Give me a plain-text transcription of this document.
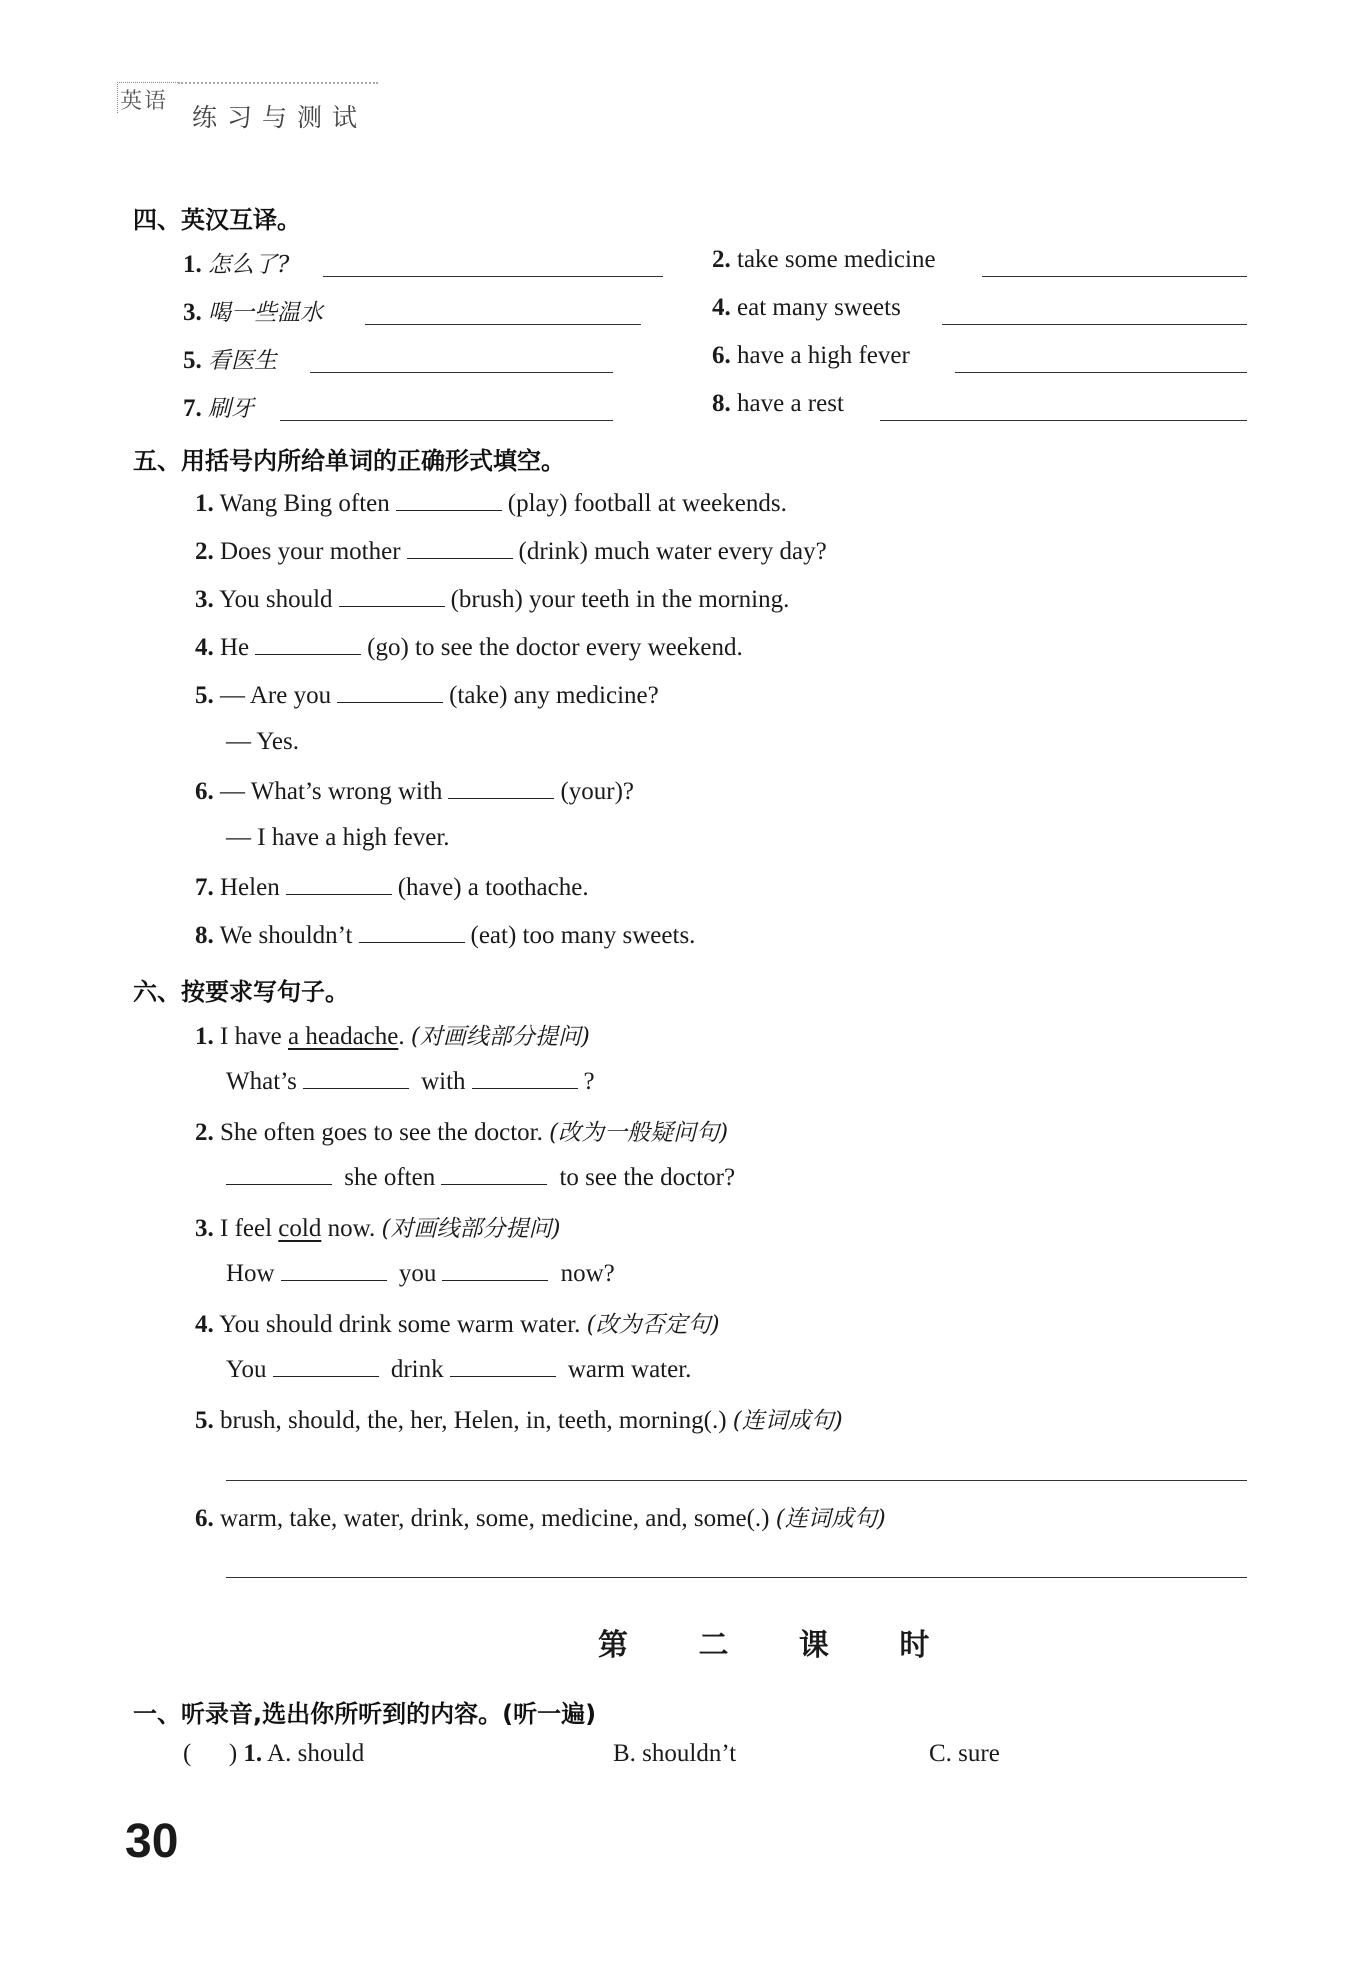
英语
练习与测试
四、英汉互译。
1. 怎么了?	2. take some medicine
3. 喝一些温水	4. eat many sweets
5. 看医生	6. have a high fever
7. 刷牙	8. have a rest
五、用括号内所给单词的正确形式填空。
1. Wang Bing often	(play) football at weekends.
2. Does your mother	(drink) much water every day?
3. You should	(brush) your teeth in the morning.
4. He	(go) to see the doctor every weekend.
5. — Are you	(take) any medicine?
— Yes.
6. — What’s wrong with	(your)?
— I have a high fever.
7. Helen	(have) a toothache.
8. We shouldn’t	(eat) too many sweets.
六、按要求写句子。
1. I have a headache. (对画线部分提问)
What’s	with	?
2. She often goes to see the doctor. (改为一般疑问句)
she often	to see the doctor?
3. I feel cold now. (对画线部分提问)
How	you	now?
4. You should drink some warm water. (改为否定句)
You	drink	warm water.
5. brush, should, the, her, Helen, in, teeth, morning(.) (连词成句)
6. warm, take, water, drink, some, medicine, and, some(.) (连词成句)
第 二 课 时
一、听录音,选出你所听到的内容。(听一遍)
(      ) 1. A. should	B. shouldn’t	C. sure
30
